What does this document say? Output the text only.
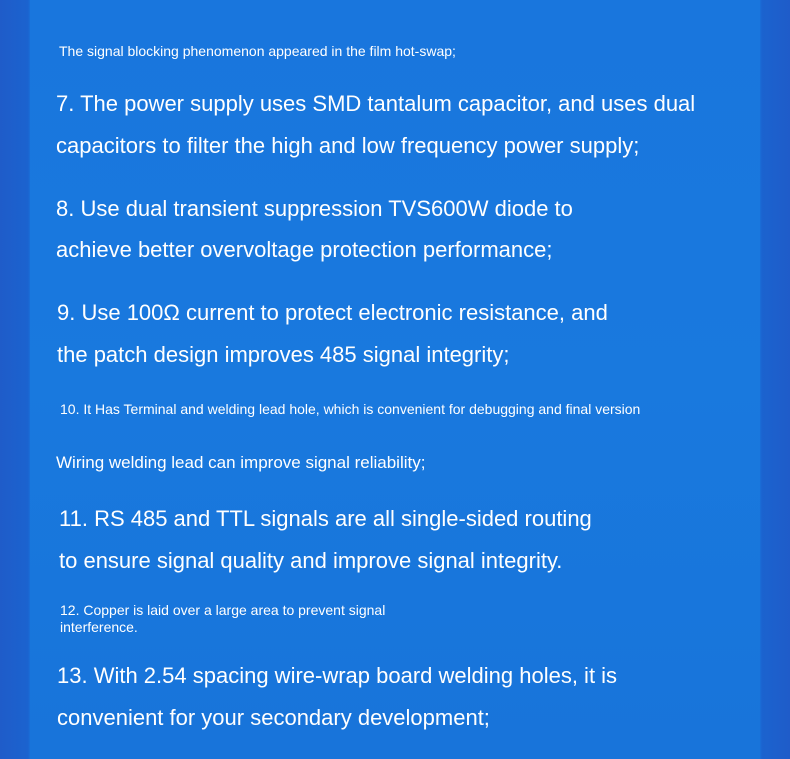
​

The signal blocking phenomenon appeared in the film hot-swap;

7. The power supply uses SMD tantalum capacitor, and uses dual

capacitors to filter the high and low frequency power supply;

8. Use dual transient suppression TVS600W diode to

achieve better overvoltage protection performance;

9. Use 100Ω current to protect electronic resistance, and

the patch design improves 485 signal integrity;

10. It Has Terminal and welding lead hole, which is convenient for debugging and final version

Wiring welding lead can improve signal reliability;

11. RS 485 and TTL signals are all single-sided routing

to ensure signal quality and improve signal integrity.

12. Copper is laid over a large area to prevent signal

interference.

13. With 2.54 spacing wire-wrap board welding holes, it is

convenient for your secondary development;
